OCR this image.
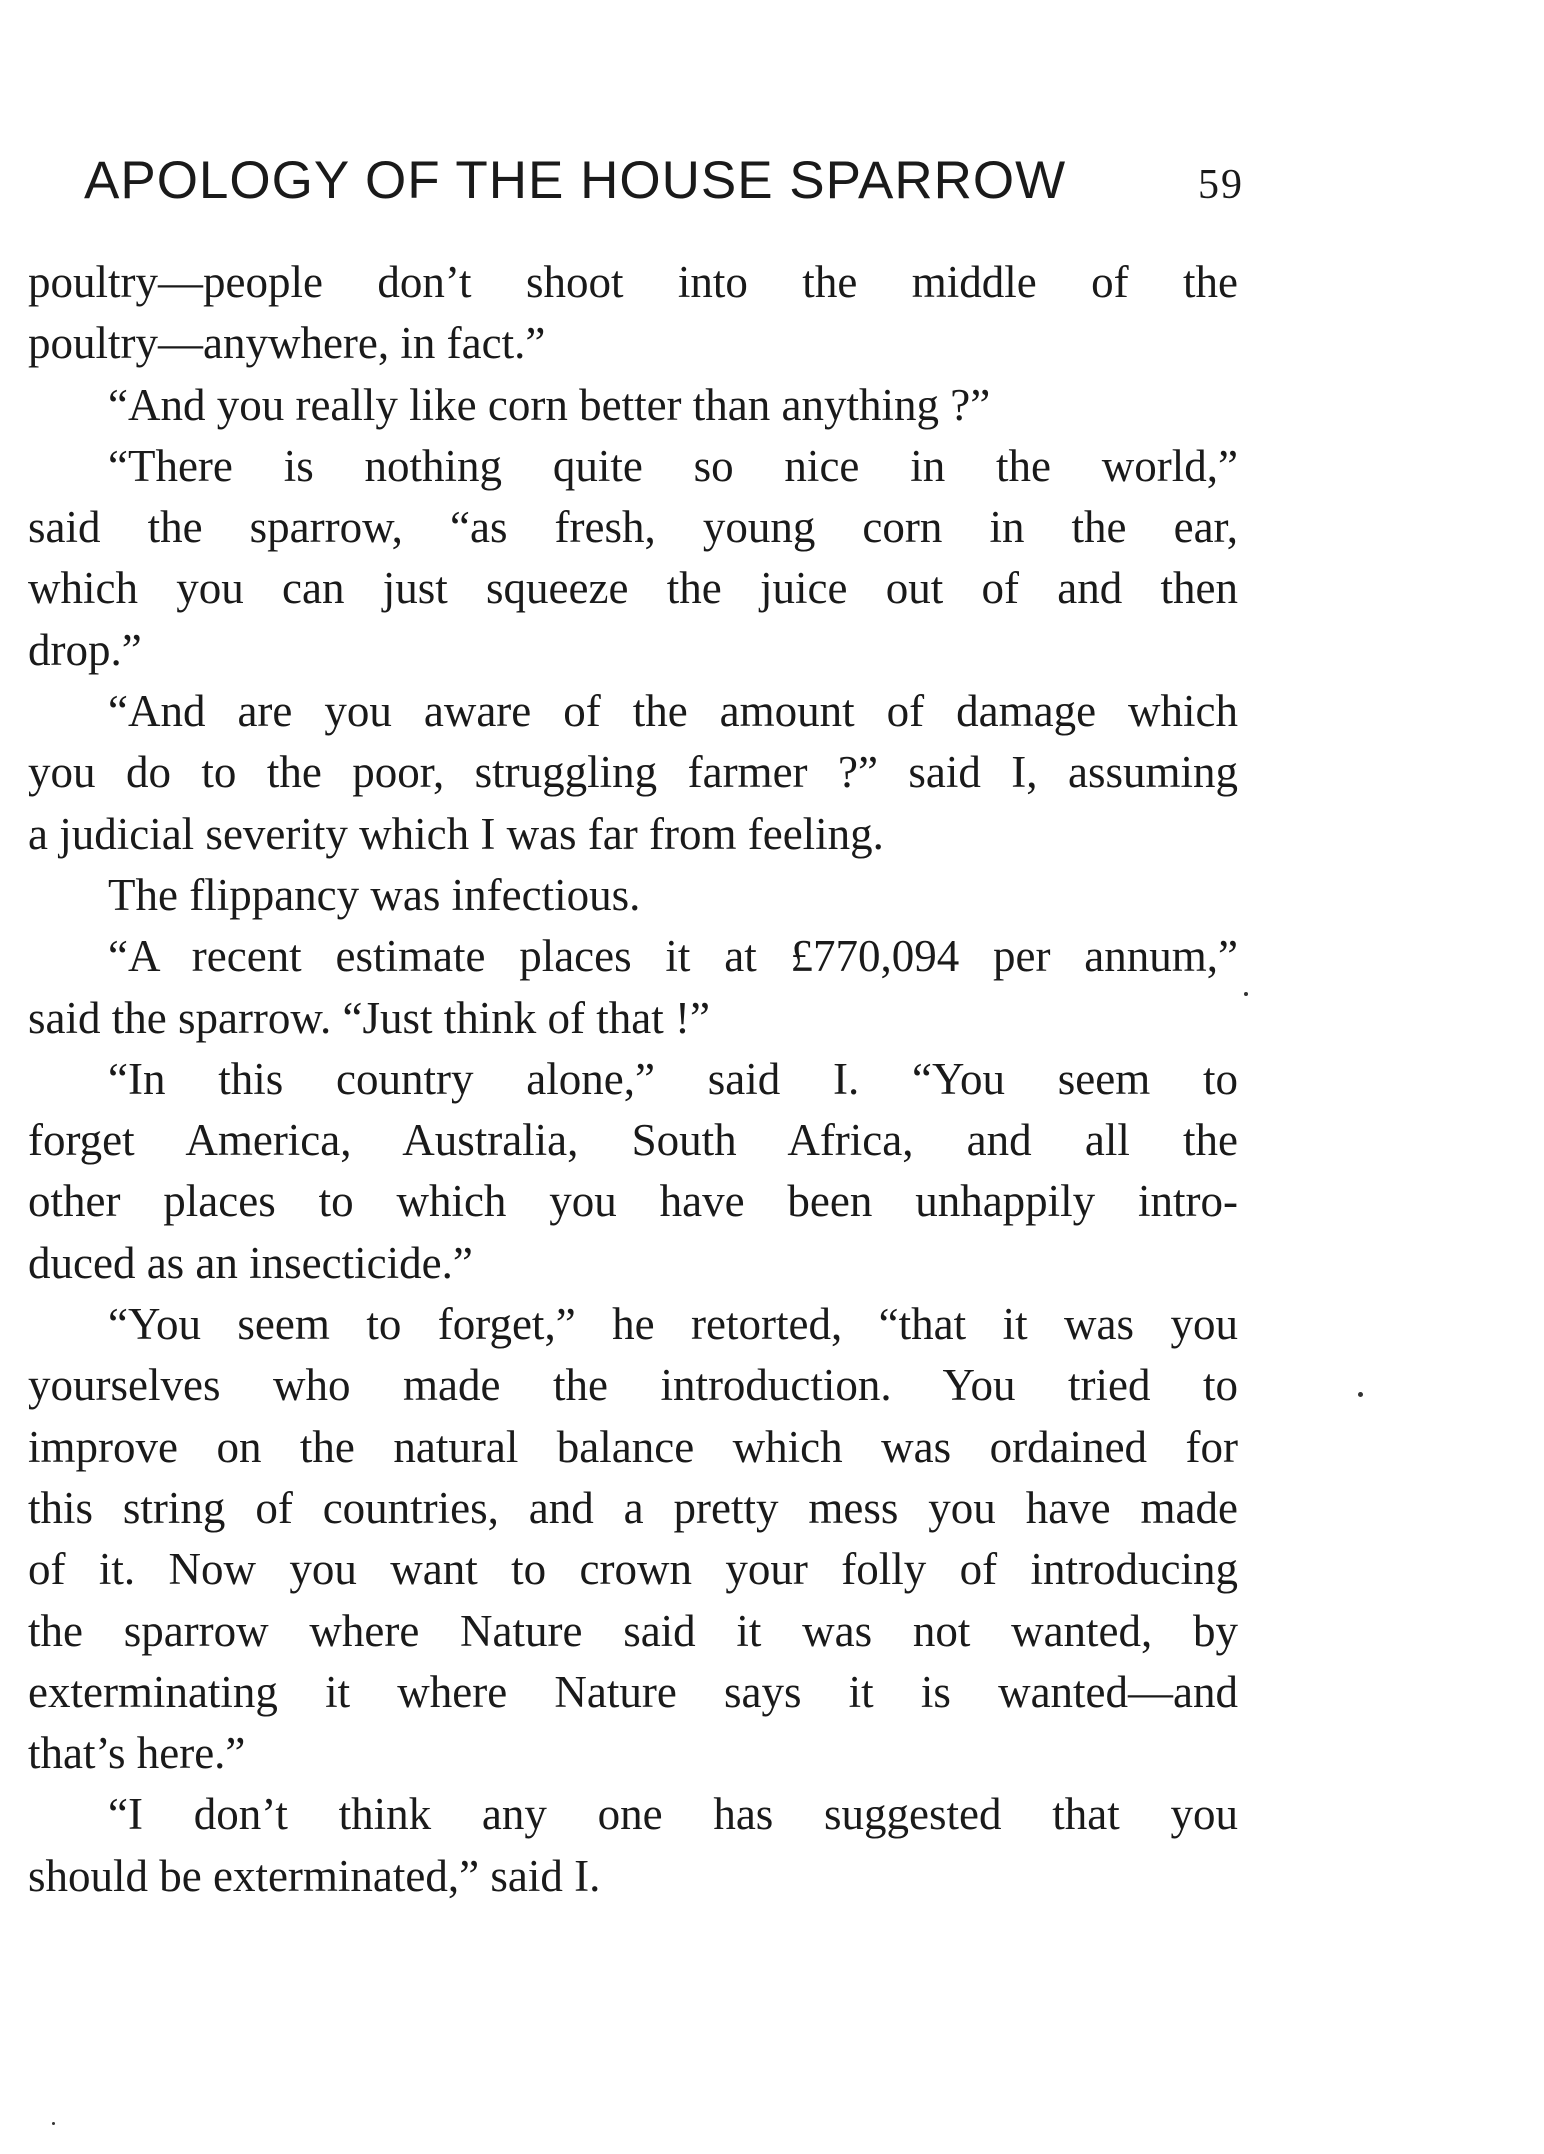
APOLOGY OF THE HOUSE SPARROW	59
poultry—people don’t shoot into the middle of the
poultry—anywhere, in fact.”
“And you really like corn better than anything ?”
“There is nothing quite so nice in the world,”
said the sparrow, “as fresh, young corn in the ear,
which you can just squeeze the juice out of and then
drop.”
“And are you aware of the amount of damage which
you do to the poor, struggling farmer ?” said I, assuming
a judicial severity which I was far from feeling.
The flippancy was infectious.
“A recent estimate places it at £770,094 per annum,”
said the sparrow. “Just think of that !”
“In this country alone,” said I. “You seem to
forget America, Australia, South Africa, and all the
other places to which you have been unhappily intro-
duced as an insecticide.”
“You seem to forget,” he retorted, “that it was you
yourselves who made the introduction. You tried to
improve on the natural balance which was ordained for
this string of countries, and a pretty mess you have made
of it. Now you want to crown your folly of introducing
the sparrow where Nature said it was not wanted, by
exterminating it where Nature says it is wanted—and
that’s here.”
“I don’t think any one has suggested that you
should be exterminated,” said I.
